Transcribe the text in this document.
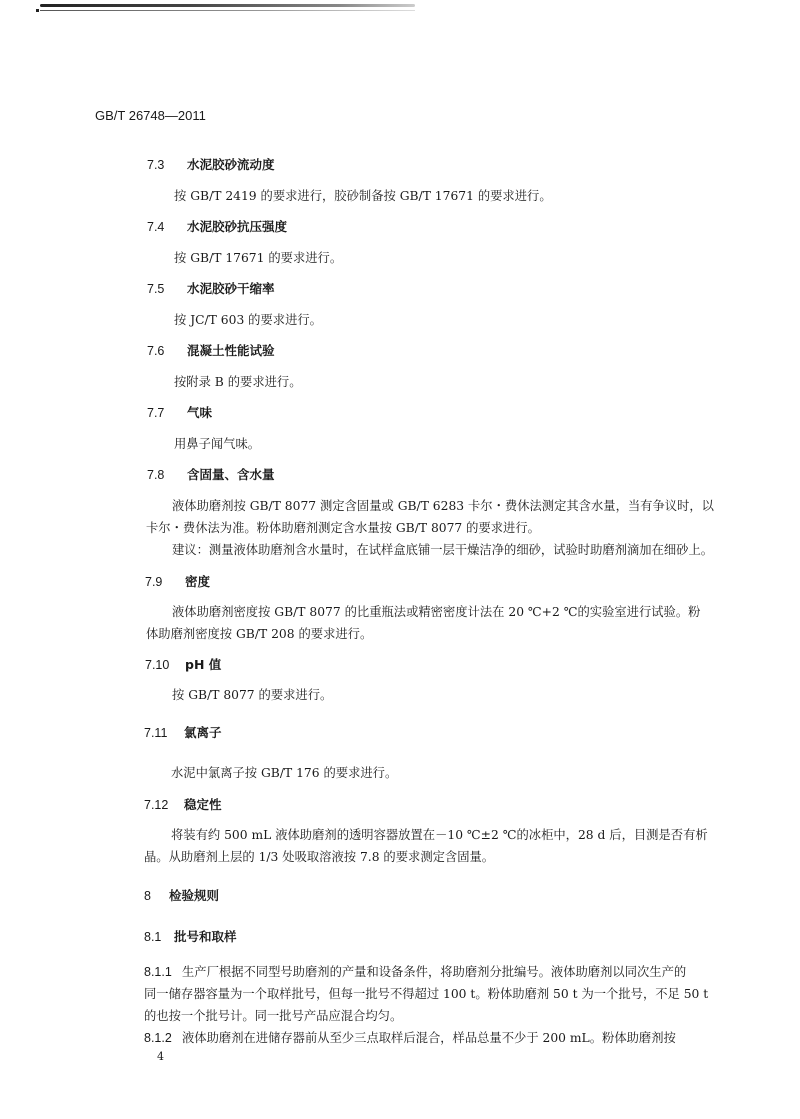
GB/T 26748—2011
7.3 水泥胶砂流动度
按 GB/T 2419 的要求进行，胶砂制备按 GB/T 17671 的要求进行。
7.4 水泥胶砂抗压强度
按 GB/T 17671 的要求进行。
7.5 水泥胶砂干缩率
按 JC/T 603 的要求进行。
7.6 混凝土性能试验
按附录 B 的要求进行。
7.7 气味
用鼻子闻气味。
7.8 含固量、含水量
液体助磨剂按 GB/T 8077 测定含固量或 GB/T 6283 卡尔・费休法测定其含水量，当有争议时，以
卡尔・费休法为准。粉体助磨剂测定含水量按 GB/T 8077 的要求进行。
建议：测量液体助磨剂含水量时，在试样盒底铺一层干燥洁净的细砂，试验时助磨剂滴加在细砂上。
7.9 密度
液体助磨剂密度按 GB/T 8077 的比重瓶法或精密密度计法在 20 ℃+2 ℃的实验室进行试验。粉
体助磨剂密度按 GB/T 208 的要求进行。
7.10 pH 值
按 GB/T 8077 的要求进行。
7.11 氯离子
水泥中氯离子按 GB/T 176 的要求进行。
7.12 稳定性
将装有约 500 mL 液体助磨剂的透明容器放置在－10 ℃±2 ℃的冰柜中，28 d 后，目测是否有析
晶。从助磨剂上层的 1/3 处吸取溶液按 7.8 的要求测定含固量。
8 检验规则
8.1 批号和取样
8.1.1 生产厂根据不同型号助磨剂的产量和设备条件，将助磨剂分批编号。液体助磨剂以同次生产的
同一储存器容量为一个取样批号，但每一批号不得超过 100 t。粉体助磨剂 50 t 为一个批号，不足 50 t
的也按一个批号计。同一批号产品应混合均匀。
8.1.2 液体助磨剂在进储存器前从至少三点取样后混合，样品总量不少于 200 mL。粉体助磨剂按
4
